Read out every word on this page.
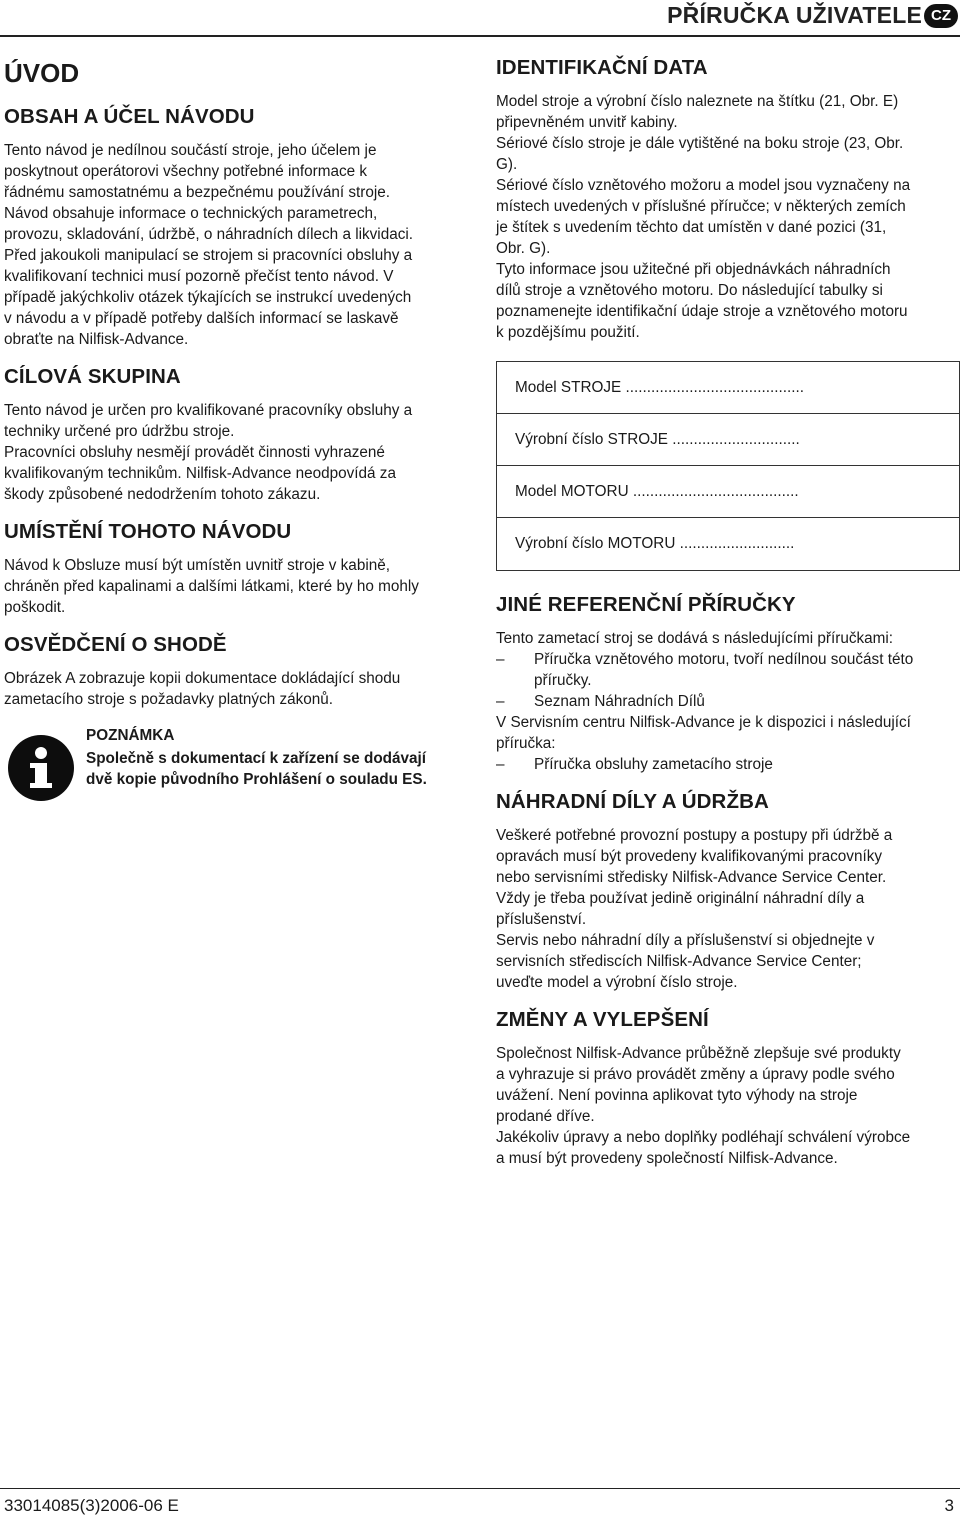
PŘÍRUČKA UŽIVATELE CZ
ÚVOD
OBSAH A ÚČEL NÁVODU
Tento návod je nedílnou součástí stroje, jeho účelem je
poskytnout operátorovi všechny potřebné informace k
řádnému samostatnému a bezpečnému používání stroje.
Návod obsahuje informace o technických parametrech,
provozu, skladování, údržbě, o náhradních dílech a likvidaci.
Před jakoukoli manipulací se strojem si pracovníci obsluhy a
kvalifikovaní technici musí pozorně přečíst tento návod. V
případě jakýchkoliv otázek týkajících se instrukcí uvedených
v návodu a v případě potřeby dalších informací se laskavě
obraťte na Nilfisk-Advance.
CÍLOVÁ SKUPINA
Tento návod je určen pro kvalifikované pracovníky obsluhy a
techniky určené pro údržbu stroje.
Pracovníci obsluhy nesmějí provádět činnosti vyhrazené
kvalifikovaným technikům. Nilfisk-Advance neodpovídá za
škody způsobené nedodržením tohoto zákazu.
UMÍSTĚNÍ TOHOTO NÁVODU
Návod k Obsluze musí být umístěn uvnitř stroje v kabině,
chráněn před kapalinami a dalšími látkami, které by ho mohly
poškodit.
OSVĚDČENÍ O SHODĚ
Obrázek A zobrazuje kopii dokumentace dokládající shodu
zametacího stroje s požadavky platných zákonů.
POZNÁMKA
Společně s dokumentací k zařízení se dodávají
dvě kopie původního Prohlášení o souladu ES.
IDENTIFIKAČNÍ DATA
Model stroje a výrobní číslo naleznete na štítku (21, Obr. E)
připevněném unvitř kabiny.
Sériové číslo stroje je dále vytištěné na boku stroje (23, Obr.
G).
Sériové číslo vznětového možoru a model jsou vyznačeny na
místech uvedených v příslušné příručce; v některých zemích
je štítek s uvedením těchto dat umístěn v dané pozici (31,
Obr. G).
Tyto informace jsou užitečné při objednávkách náhradních
dílů stroje a vznětového motoru. Do následující tabulky si
poznamenejte identifikační údaje stroje a vznětového motoru
k pozdějšímu použití.
Model STROJE ..........................................
Výrobní číslo STROJE ..............................
Model MOTORU .......................................
Výrobní číslo MOTORU ...........................
JINÉ REFERENČNÍ PŘÍRUČKY
Tento zametací stroj se dodává s následujícími příručkami:
–	Příručka vznětového motoru, tvoří nedílnou součást této
příručky.
–	Seznam Náhradních Dílů
V Servisním centru Nilfisk-Advance je k dispozici i následující
příručka:
–	Příručka obsluhy zametacího stroje
NÁHRADNÍ DÍLY A ÚDRŽBA
Veškeré potřebné provozní postupy a postupy při údržbě a
opravách musí být provedeny kvalifikovanými pracovníky
nebo servisními středisky Nilfisk-Advance Service Center.
Vždy je třeba používat jedině originální náhradní díly a
příslušenství.
Servis nebo náhradní díly a příslušenství si objednejte v
servisních střediscích Nilfisk-Advance Service Center;
uveďte model a výrobní číslo stroje.
ZMĚNY A VYLEPŠENÍ
Společnost Nilfisk-Advance průběžně zlepšuje své produkty
a vyhrazuje si právo provádět změny a úpravy podle svého
uvážení. Není povinna aplikovat tyto výhody na stroje
prodané dříve.
Jakékoliv úpravy a nebo doplňky podléhají schválení výrobce
a musí být provedeny společností Nilfisk-Advance.
33014085(3)2006-06 E	3
